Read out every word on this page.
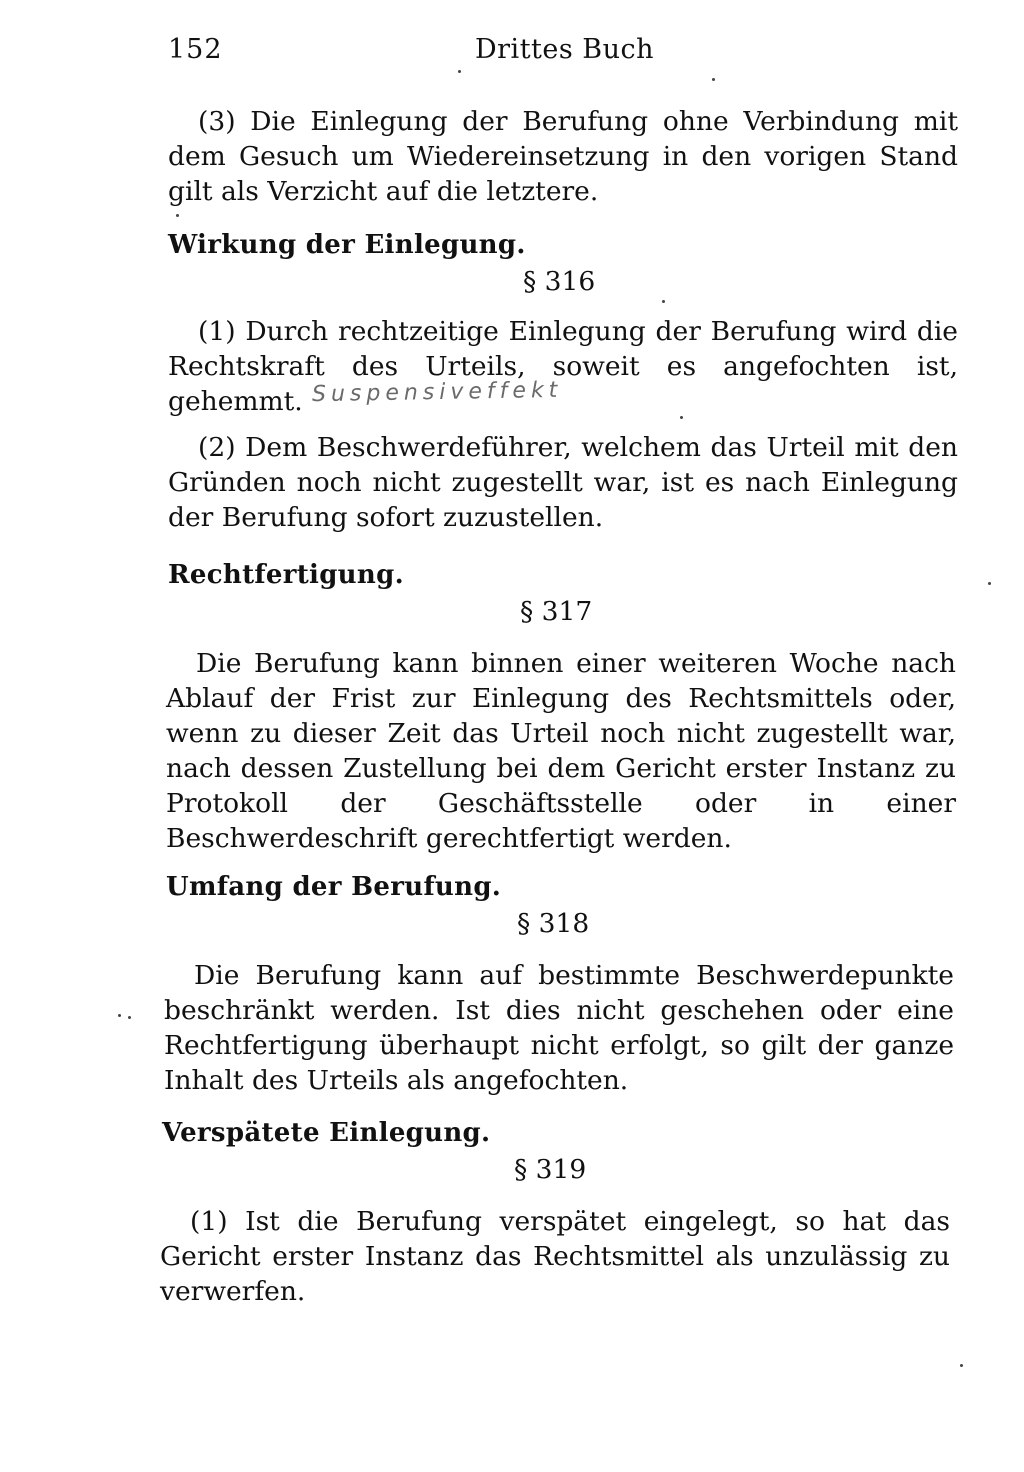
152	Drittes Buch
(3) Die Einlegung der Berufung ohne Verbindung mit dem Gesuch um Wiedereinsetzung in den vorigen Stand gilt als Verzicht auf die letztere.
Wirkung der Einlegung.
§ 316
(1) Durch rechtzeitige Einlegung der Berufung wird die Rechtskraft des Urteils, soweit es angefochten ist, gehemmt. Suspensiveffekt
(2) Dem Beschwerdeführer, welchem das Urteil mit den Gründen noch nicht zugestellt war, ist es nach Einlegung der Berufung sofort zuzustellen.
Rechtfertigung.
§ 317
Die Berufung kann binnen einer weiteren Woche nach Ablauf der Frist zur Einlegung des Rechtsmittels oder, wenn zu dieser Zeit das Urteil noch nicht zugestellt war, nach dessen Zustellung bei dem Gericht erster Instanz zu Protokoll der Geschäftsstelle oder in einer Beschwerdeschrift gerechtfertigt werden.
Umfang der Berufung.
§ 318
Die Berufung kann auf bestimmte Beschwerdepunkte beschränkt werden. Ist dies nicht geschehen oder eine Rechtfertigung überhaupt nicht erfolgt, so gilt der ganze Inhalt des Urteils als angefochten.
Verspätete Einlegung.
§ 319
(1) Ist die Berufung verspätet eingelegt, so hat das Gericht erster Instanz das Rechtsmittel als unzulässig zu verwerfen.
